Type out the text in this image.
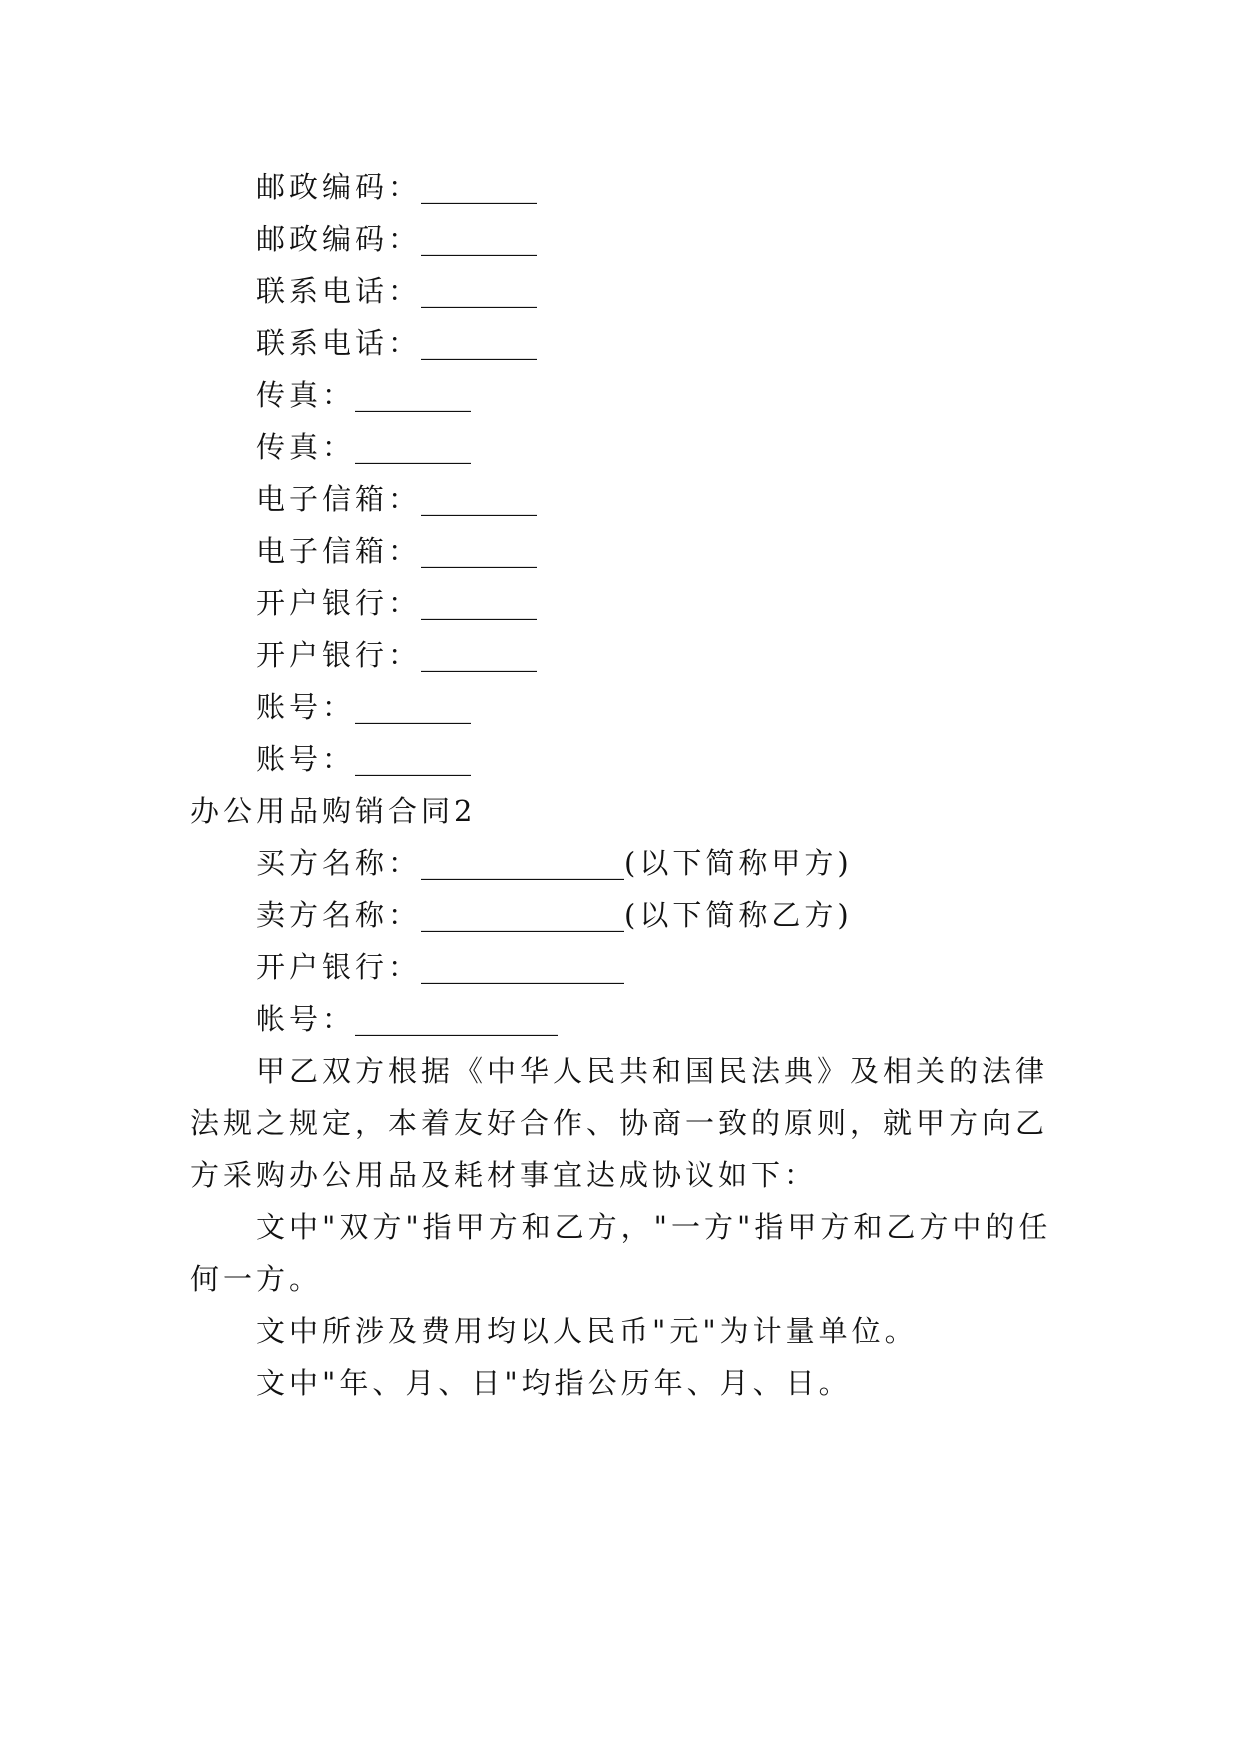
邮政编码：________
邮政编码：________
联系电话：________
联系电话：________
传真：________
传真：________
电子信箱：________
电子信箱：________
开户银行：________
开户银行：________
账号：________
账号：________
办公用品购销合同2
买方名称：______________(以下简称甲方)
卖方名称：______________(以下简称乙方)
开户银行：______________
帐号：______________
甲乙双方根据《中华人民共和国民法典》及相关的法律
法规之规定，本着友好合作、协商一致的原则，就甲方向乙
方采购办公用品及耗材事宜达成协议如下：
文中"双方"指甲方和乙方，"一方"指甲方和乙方中的任
何一方。
文中所涉及费用均以人民币"元"为计量单位。
文中"年、月、日"均指公历年、月、日。
